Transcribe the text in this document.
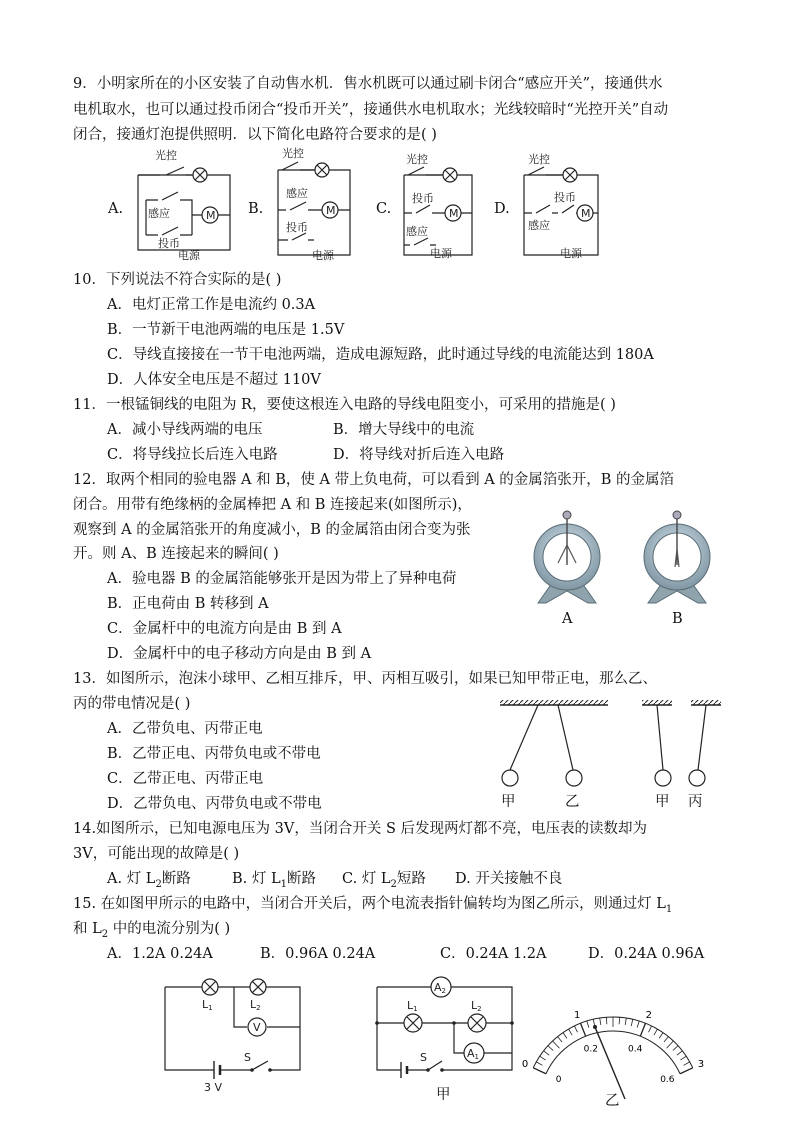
9．小明家所在的小区安装了自动售水机．售水机既可以通过刷卡闭合“感应开关”，接通供水
电机取水，也可以通过投币闭合“投币开关”，接通供水电机取水；光线较暗时“光控开关”自动
闭合，接通灯泡提供照明．以下简化电路符合要求的是( )
A.
光控
M
感应
投币
电源
B.
光控
M
感应
投币
电源
C.
光控
M
投币
感应
电源
D.
光控
M
投币
感应
电源
10．下列说法不符合实际的是( )
A．电灯正常工作是电流约 0.3A
B．一节新干电池两端的电压是 1.5V
C．导线直接接在一节干电池两端，造成电源短路，此时通过导线的电流能达到 180A
D．人体安全电压是不超过 110V
11．一根锰铜线的电阻为 R，要使这根连入电路的导线电阻变小，可采用的措施是( )
A．减小导线两端的电压	B．增大导线中的电流
C．将导线拉长后连入电路	D．将导线对折后连入电路
12．取两个相同的验电器 A 和 B，使 A 带上负电荷，可以看到 A 的金属箔张开，B 的金属箔
闭合。用带有绝缘柄的金属棒把 A 和 B 连接起来(如图所示)，
观察到 A 的金属箔张开的角度减小，B 的金属箔由闭合变为张
开。则 A、B 连接起来的瞬间( )
A．验电器 B 的金属箔能够张开是因为带上了异种电荷
B．正电荷由 B 转移到 A
C．金属杆中的电流方向是由 B 到 A
D．金属杆中的电子移动方向是由 B 到 A
A	B
13．如图所示，泡沫小球甲、乙相互排斥，甲、丙相互吸引，如果已知甲带正电，那么乙、
丙的带电情况是( )
A．乙带负电、丙带正电
B．乙带正电、丙带负电或不带电
C．乙带正电、丙带正电
D．乙带负电、丙带负电或不带电	甲	乙	甲 丙
14.如图所示，已知电源电压为 3V，当闭合开关 S 后发现两灯都不亮，电压表的读数却为
3V，可能出现的故障是( )
A. 灯 $L_2$断路	B. 灯 $L_1$断路 C. 灯 $L_2$短路 D. 开关接触不良
15. 在如图甲所示的电路中，当闭合开关后，两个电流表指针偏转均为图乙所示，则通过灯 $L_1$
和 $L_2$ 中的电流分别为( )
A．1.2A 0.24A	B．0.96A 0.24A	C．0.24A 1.2A	D．0.24A 0.96A
V
S
3 V
L1	L2
A2
A1
L1	L2
S
甲
0
1	2
3
0
0.2	0.4
0.6
乙
